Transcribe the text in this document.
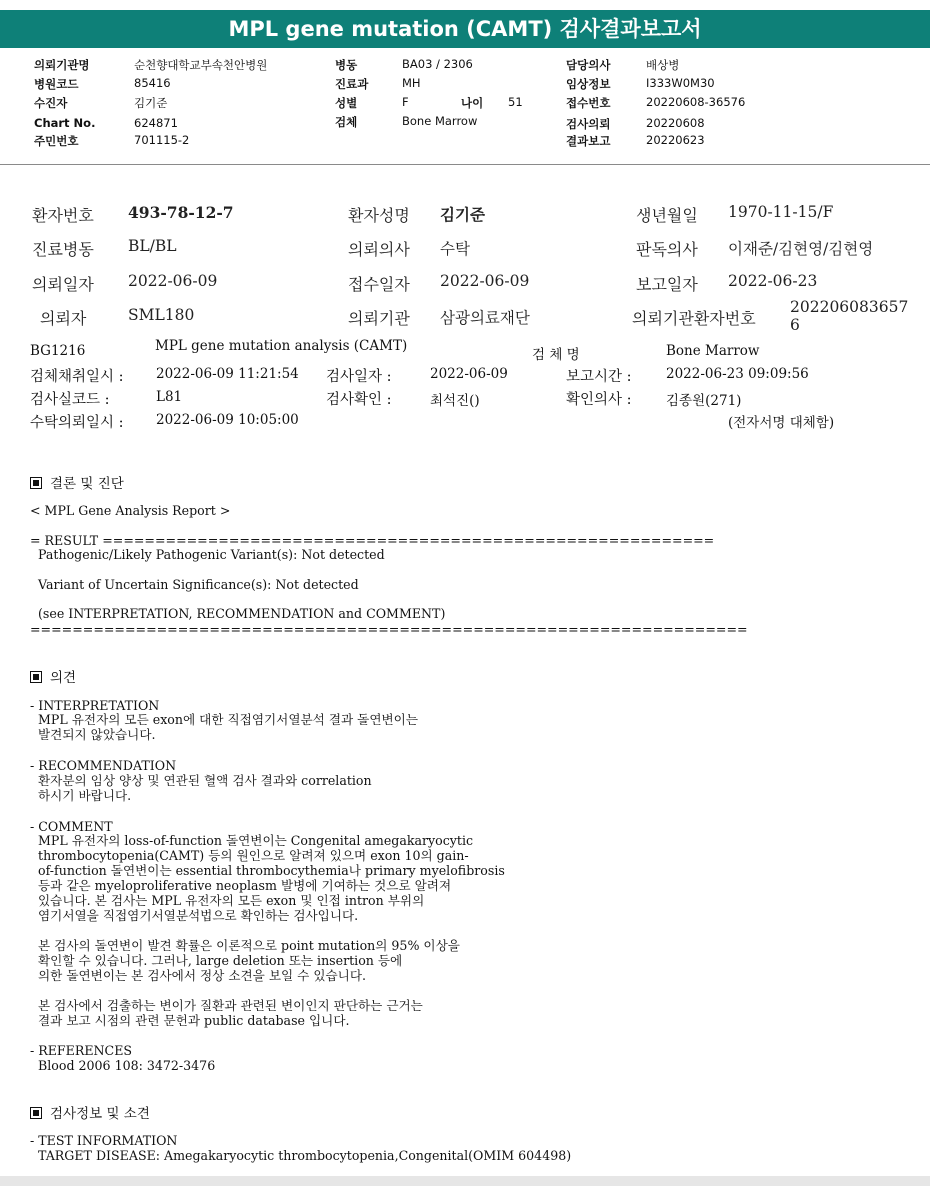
MPL gene mutation (CAMT) 검사결과보고서
의뢰기관명	순천향대학교부속천안병원
병원코드	85416
수진자	김기준
Chart No.	624871
주민번호	701115-2
병동	BA03 / 2306
진료과	MH
성별	F	나이 51
검체	Bone Marrow
담당의사	배상병
임상정보	I333W0M30
접수번호	20220608-36576
검사의뢰	20220608
결과보고	20220623
환자번호 493-78-12-7	환자성명 김기준	생년월일 1970-11-15/F
진료병동 BL/BL	의뢰의사 수탁	판독의사 이재준/김현영/김현영
의뢰일자 2022-06-09	접수일자 2022-06-09	보고일자 2022-06-23
의뢰자	SML180	의뢰기관 삼광의료재단	의뢰기관환자번호
202206083657
6
BG1216	MPL gene mutation analysis (CAMT)
검 체 명	Bone Marrow
검체채취일시 : 2022-06-09 11:21:54 검사일자 :	2022-06-09	보고시간 :	2022-06-23 09:09:56
검사실코드 :	L81	검사확인 :	최석진()	확인의사 :	김종원(271)
수탁의뢰일시 : 2022-06-09 10:05:00	(전자서명 대체함)
결론 및 진단
< MPL Gene Analysis Report >
= RESULT ==========================================================
Pathogenic/Likely Pathogenic Variant(s): Not detected
Variant of Uncertain Significance(s): Not detected
(see INTERPRETATION, RECOMMENDATION and COMMENT)
====================================================================
의견
- INTERPRETATION
MPL 유전자의 모든 exon에 대한 직접염기서열분석 결과 돌연변이는
발견되지 않았습니다.
- RECOMMENDATION
환자분의 임상 양상 및 연관된 혈액 검사 결과와 correlation
하시기 바랍니다.
- COMMENT
MPL 유전자의 loss-of-function 돌연변이는 Congenital amegakaryocytic
thrombocytopenia(CAMT) 등의 원인으로 알려져 있으며 exon 10의 gain-
of-function 돌연변이는 essential thrombocythemia나 primary myelofibrosis
등과 같은 myeloproliferative neoplasm 발병에 기여하는 것으로 알려져
있습니다. 본 검사는 MPL 유전자의 모든 exon 및 인접 intron 부위의
염기서열을 직접염기서열분석법으로 확인하는 검사입니다.
본 검사의 돌연변이 발견 확률은 이론적으로 point mutation의 95% 이상을
확인할 수 있습니다. 그러나, large deletion 또는 insertion 등에
의한 돌연변이는 본 검사에서 정상 소견을 보일 수 있습니다.
본 검사에서 검출하는 변이가 질환과 관련된 변이인지 판단하는 근거는
결과 보고 시점의 관련 문헌과 public database 입니다.
- REFERENCES
Blood 2006 108: 3472-3476
검사정보 및 소견
- TEST INFORMATION
TARGET DISEASE: Amegakaryocytic thrombocytopenia,Congenital(OMIM 604498)
